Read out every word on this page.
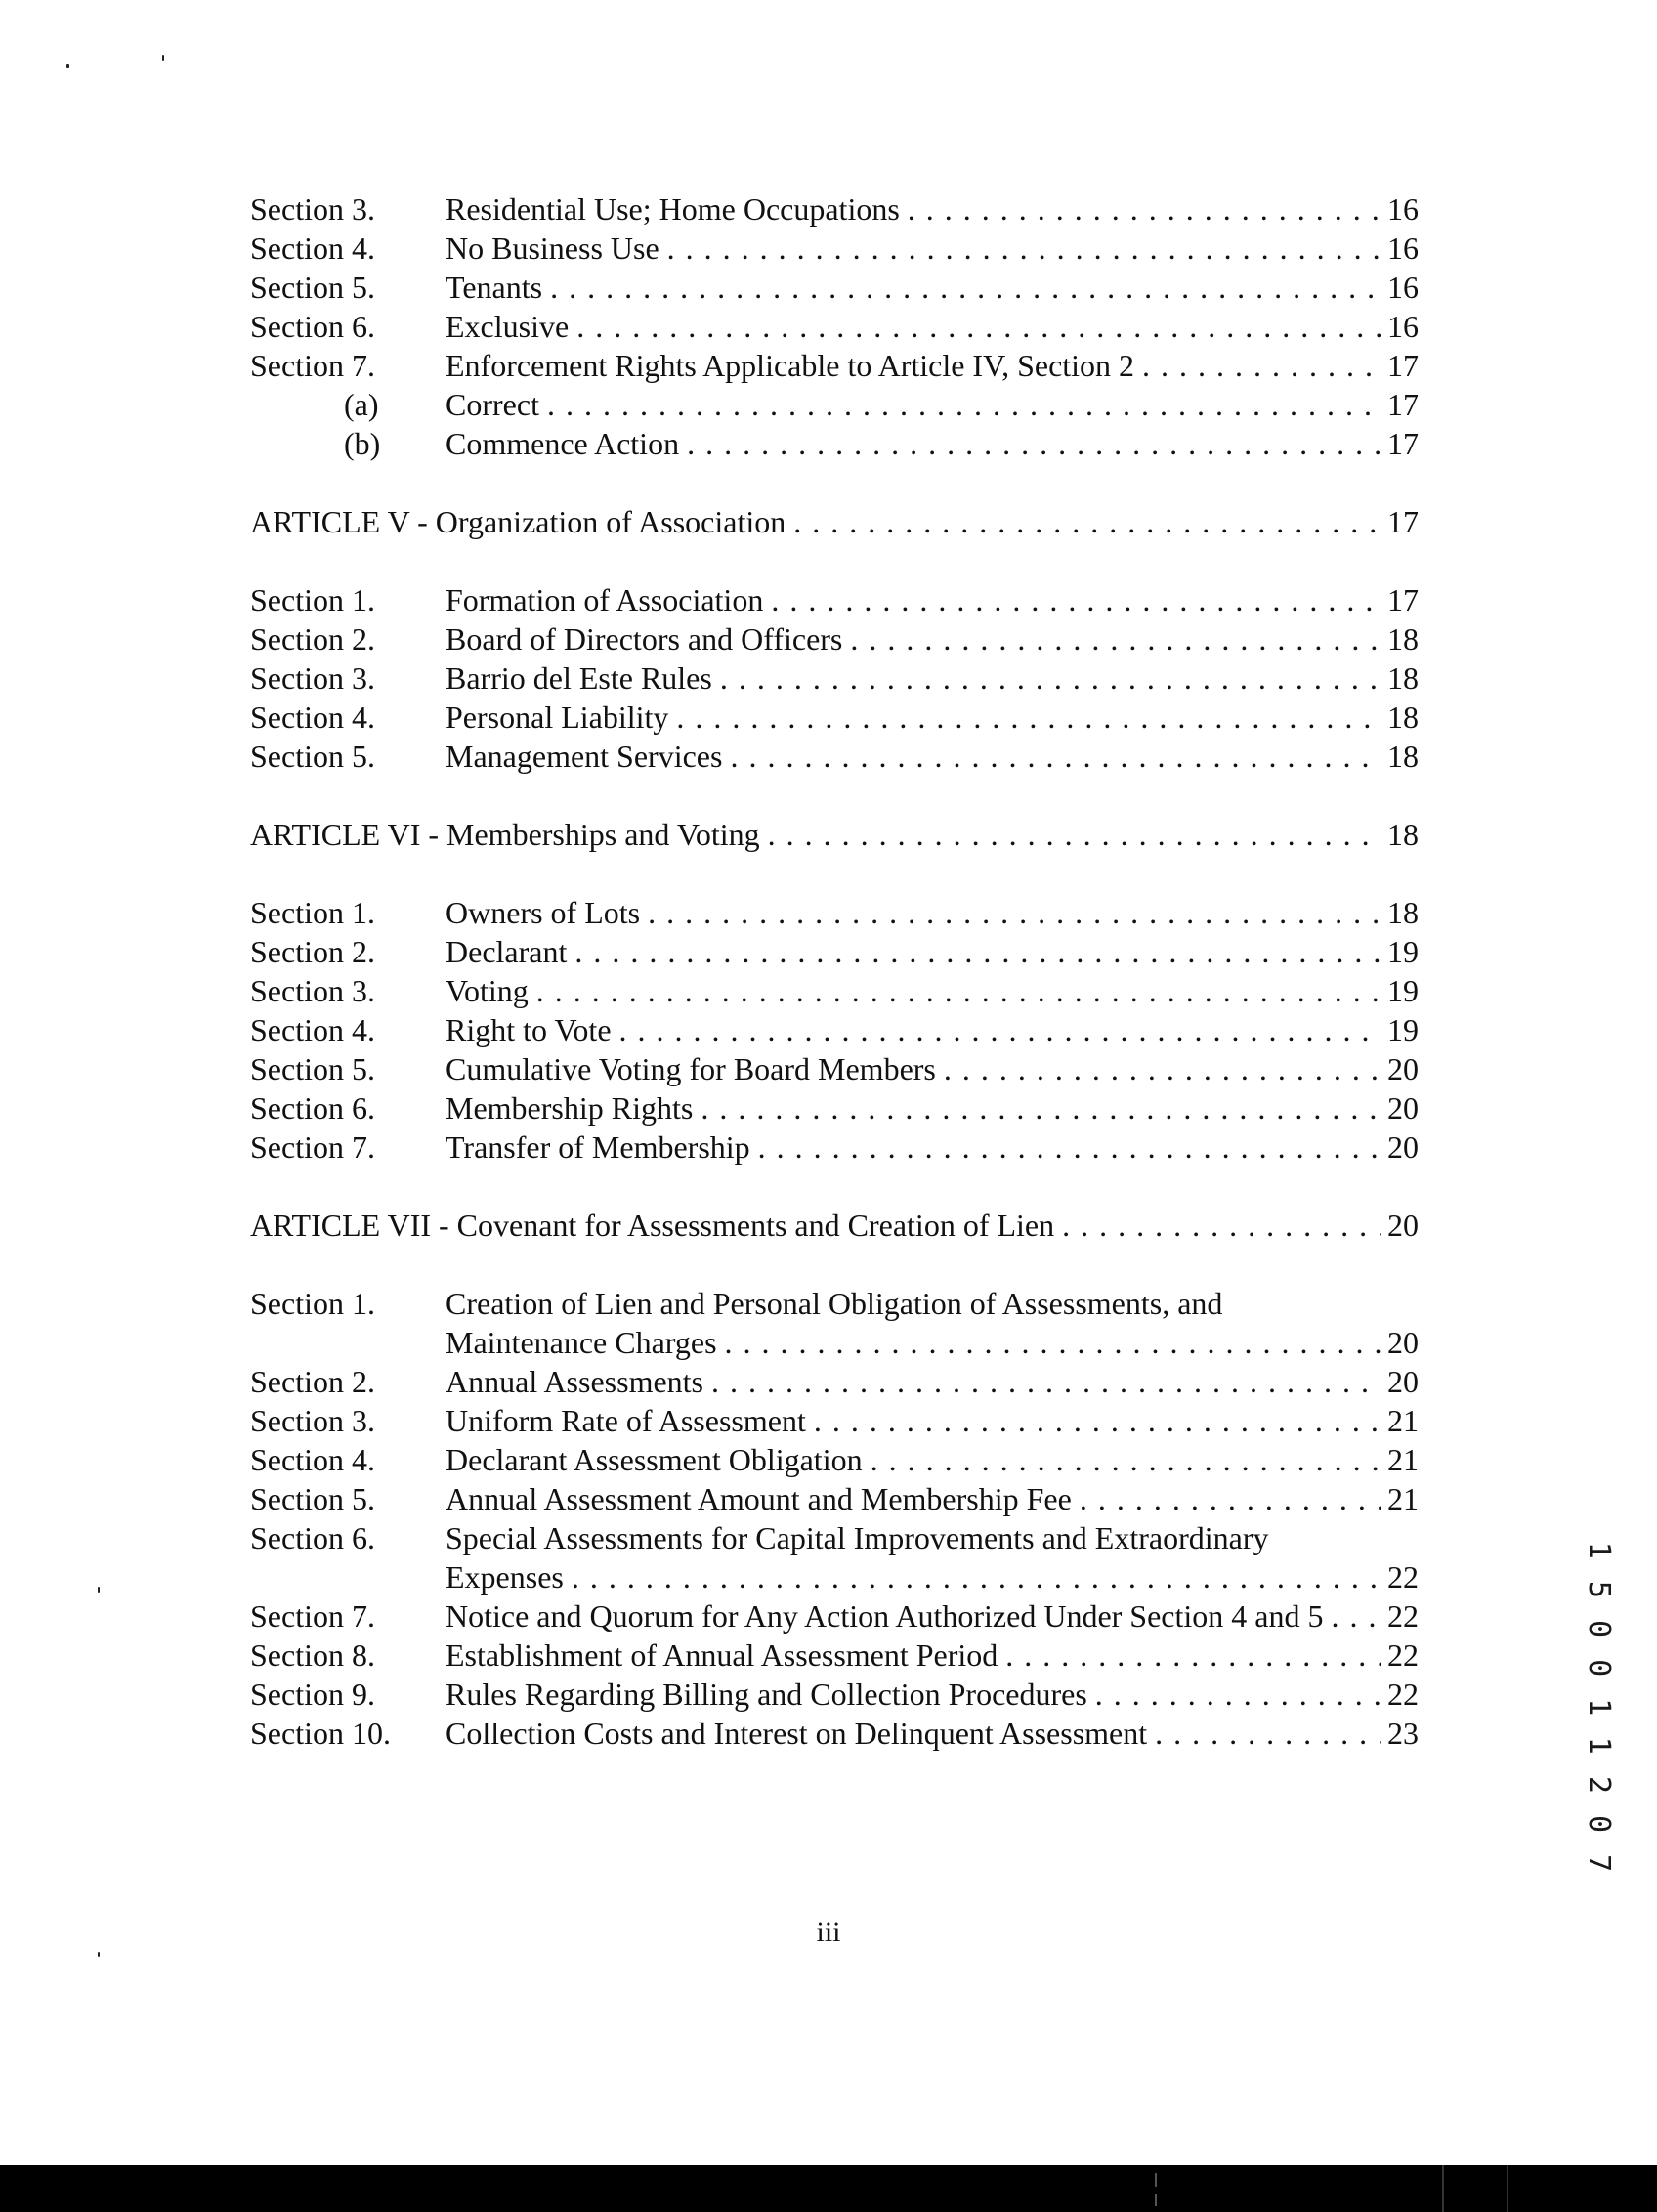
Section 3. Residential Use; Home Occupations . . .	16
Section 4. No Business Use . . .	16
Section 5. Tenants . . .	16
Section 6. Exclusive . . .	16
Section 7. Enforcement Rights Applicable to Article IV, Section 2 . . .	17
(a) Correct . . .	17
(b) Commence Action . . .	17
ARTICLE V - Organization of Association . . .	17
Section 1. Formation of Association . . .	17
Section 2. Board of Directors and Officers . . .	18
Section 3. Barrio del Este Rules . . .	18
Section 4. Personal Liability . . .	18
Section 5. Management Services . . .	18
ARTICLE VI - Memberships and Voting . . .	18
Section 1. Owners of Lots . . .	18
Section 2. Declarant . . .	19
Section 3. Voting . . .	19
Section 4. Right to Vote . . .	19
Section 5. Cumulative Voting for Board Members . . .	20
Section 6. Membership Rights . . .	20
Section 7. Transfer of Membership . . .	20
ARTICLE VII - Covenant for Assessments and Creation of Lien . . .	20
Section 1. Creation of Lien and Personal Obligation of Assessments, and
Maintenance Charges . . .	20
Section 2. Annual Assessments . . .	20
Section 3. Uniform Rate of Assessment . . .	21
Section 4. Declarant Assessment Obligation . . .	21
Section 5. Annual Assessment Amount and Membership Fee . . .	21
Section 6. Special Assessments for Capital Improvements and Extraordinary
Expenses . . .	22
Section 7. Notice and Quorum for Any Action Authorized Under Section 4 and 5 . . . 22
Section 8. Establishment of Annual Assessment Period . . .	22
Section 9. Rules Regarding Billing and Collection Procedures . . .	22
Section 10. Collection Costs and Interest on Delinquent Assessment . . .	23
iii
1 5 0 0 1
1 2 0 7
